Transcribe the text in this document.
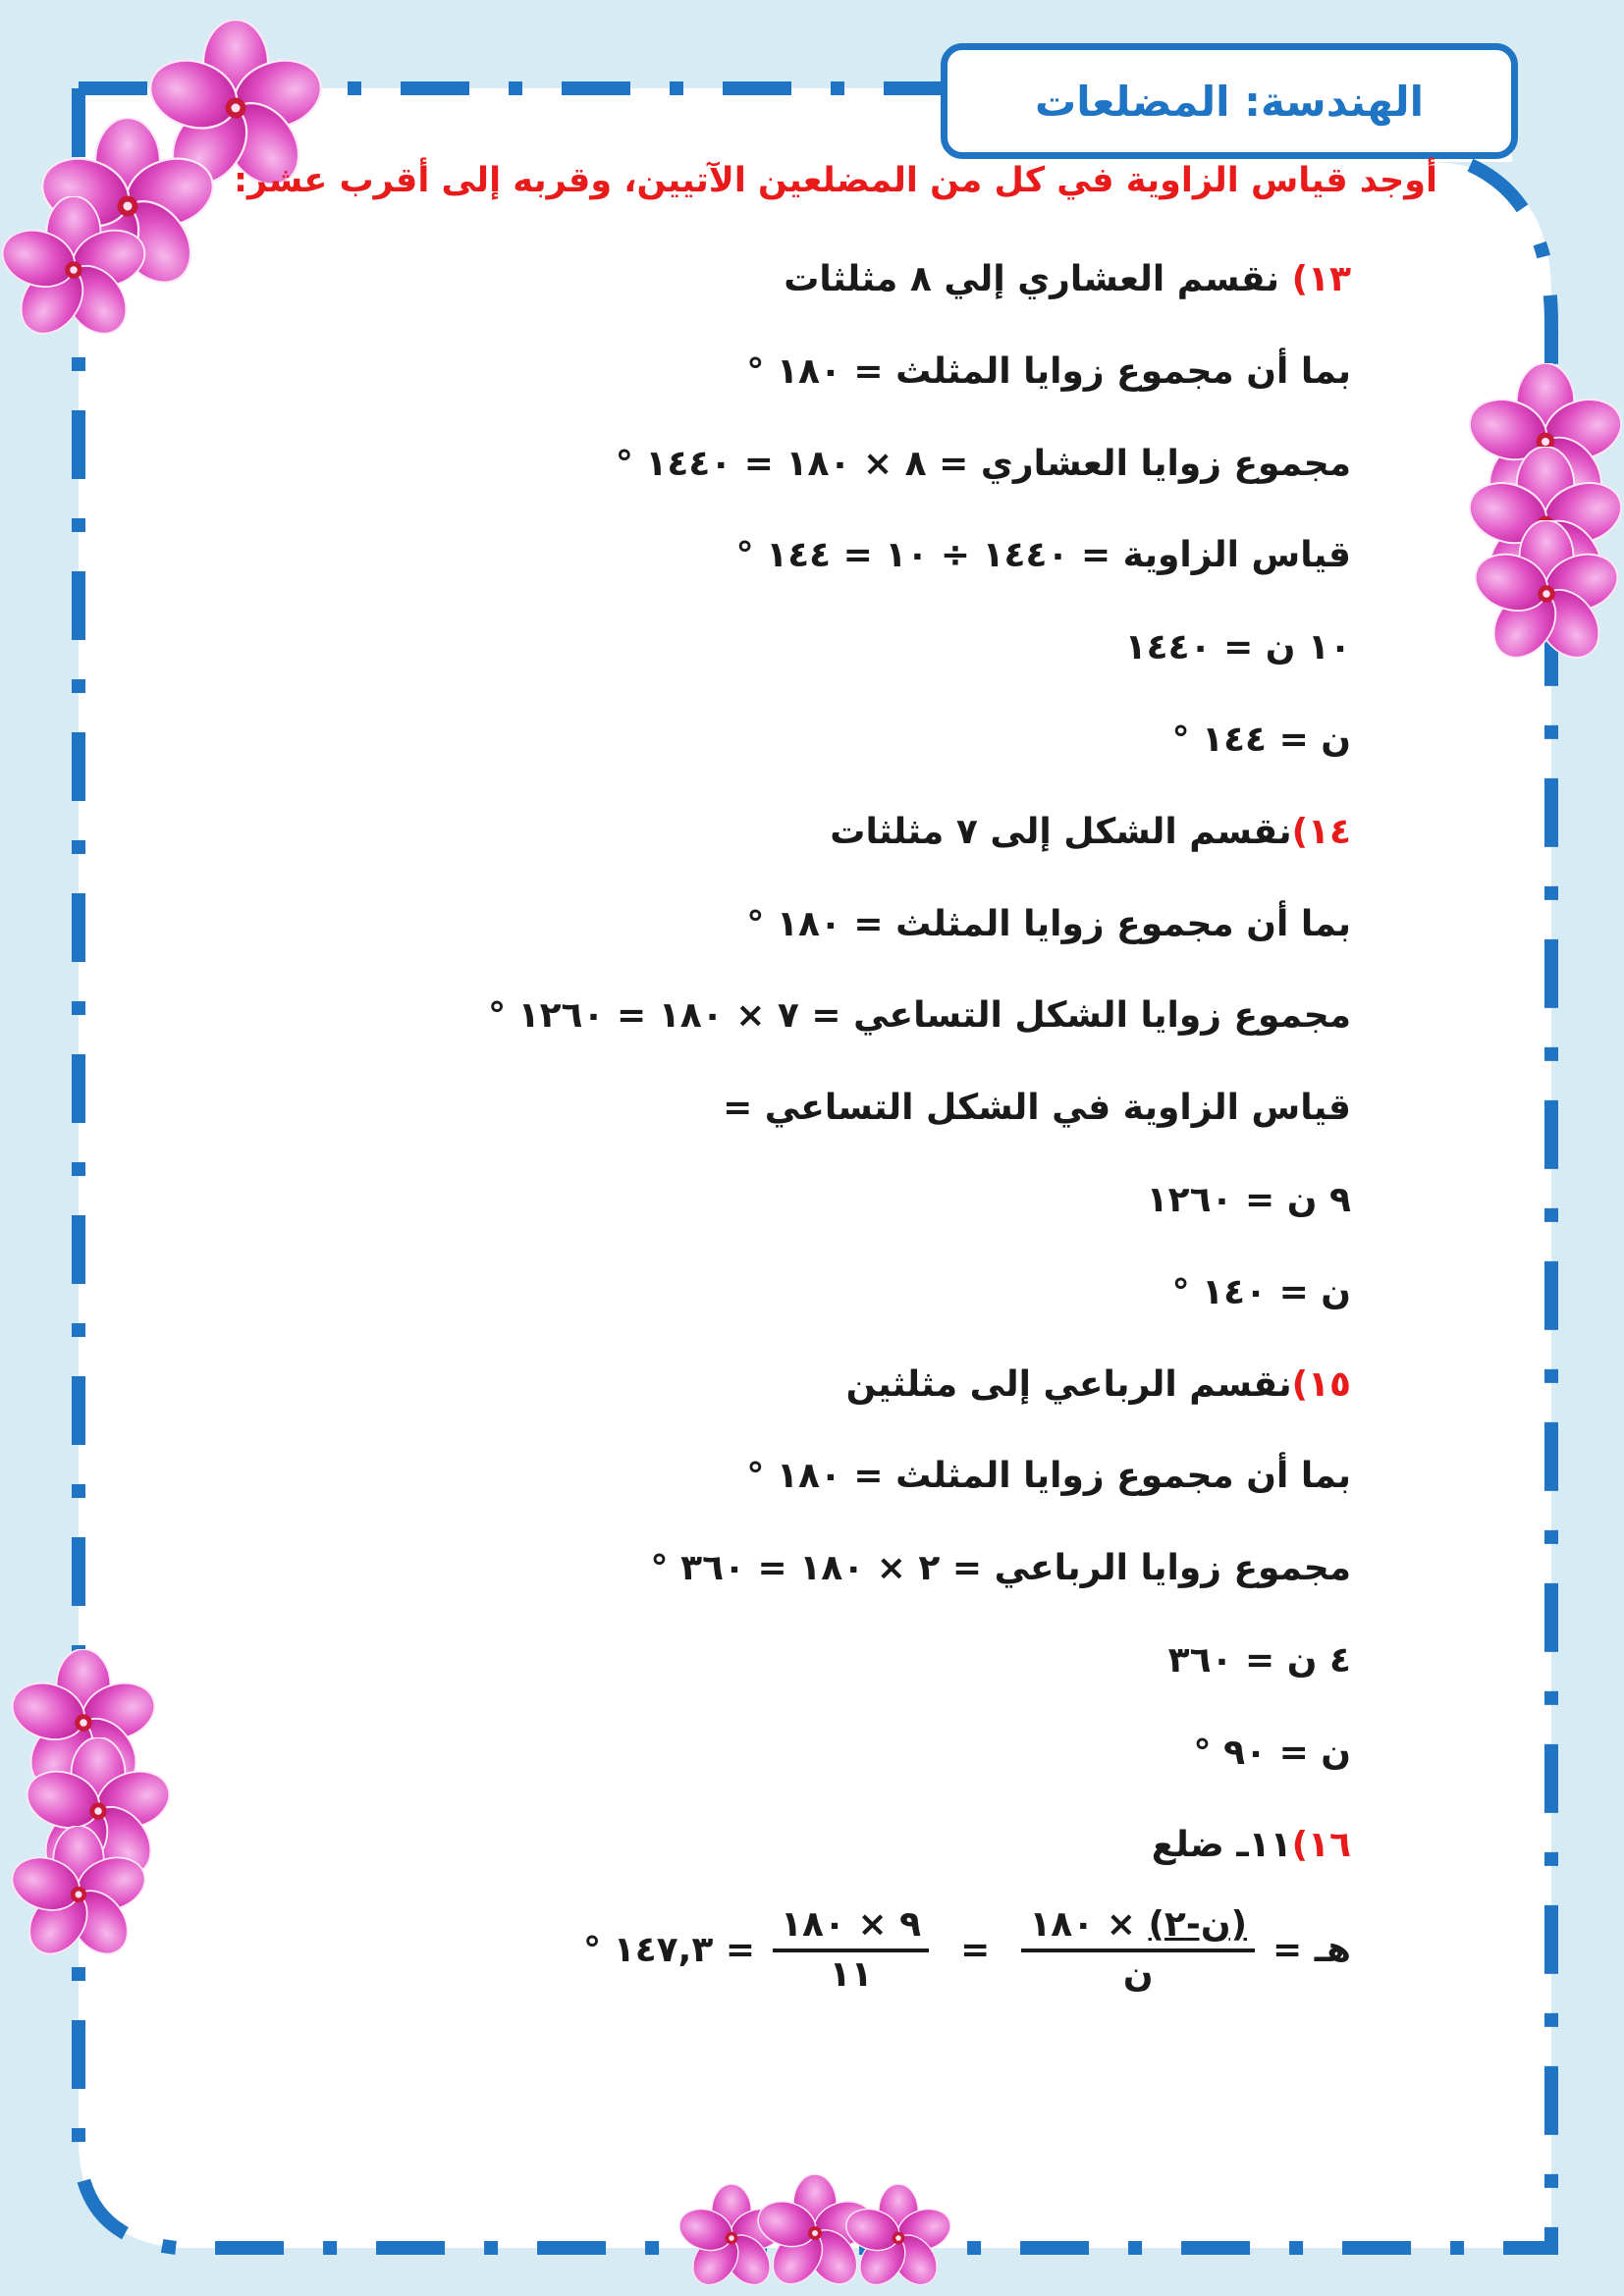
الهندسة: المضلعات
أوجد قياس الزاوية في كل من المضلعين الآتيين، وقربه إلى أقرب عشر:
١٣) نقسم العشاري إلي ٨ مثلثات
بما أن مجموع زوايا المثلث = ١٨٠ °
مجموع زوايا العشاري = ٨ × ١٨٠ = ١٤٤٠ °
قياس الزاوية = ١٤٤٠ ÷ ١٠ = ١٤٤ °
١٠ ن = ١٤٤٠
ن = ١٤٤ °
١٤)نقسم الشكل إلى ٧ مثلثات
بما أن مجموع زوايا المثلث = ١٨٠ °
مجموع زوايا الشكل التساعي = ٧ × ١٨٠ = ١٢٦٠ °
قياس الزاوية في الشكل التساعي =
٩ ن = ١٢٦٠
ن = ١٤٠ °
١٥)نقسم الرباعي إلى مثلثين
بما أن مجموع زوايا المثلث = ١٨٠ °
مجموع زوايا الرباعي = ٢ × ١٨٠ = ٣٦٠ °
٤ ن = ٣٦٠
ن = ٩٠ °
١٦)١١ـ ضلع
هـ =
$\frac{\text{(ن-٢) × ١٨٠}}{\text{ن}}$
=
$\frac{٩ \times ١٨٠}{١١}$
= ١٤٧,٣ °
